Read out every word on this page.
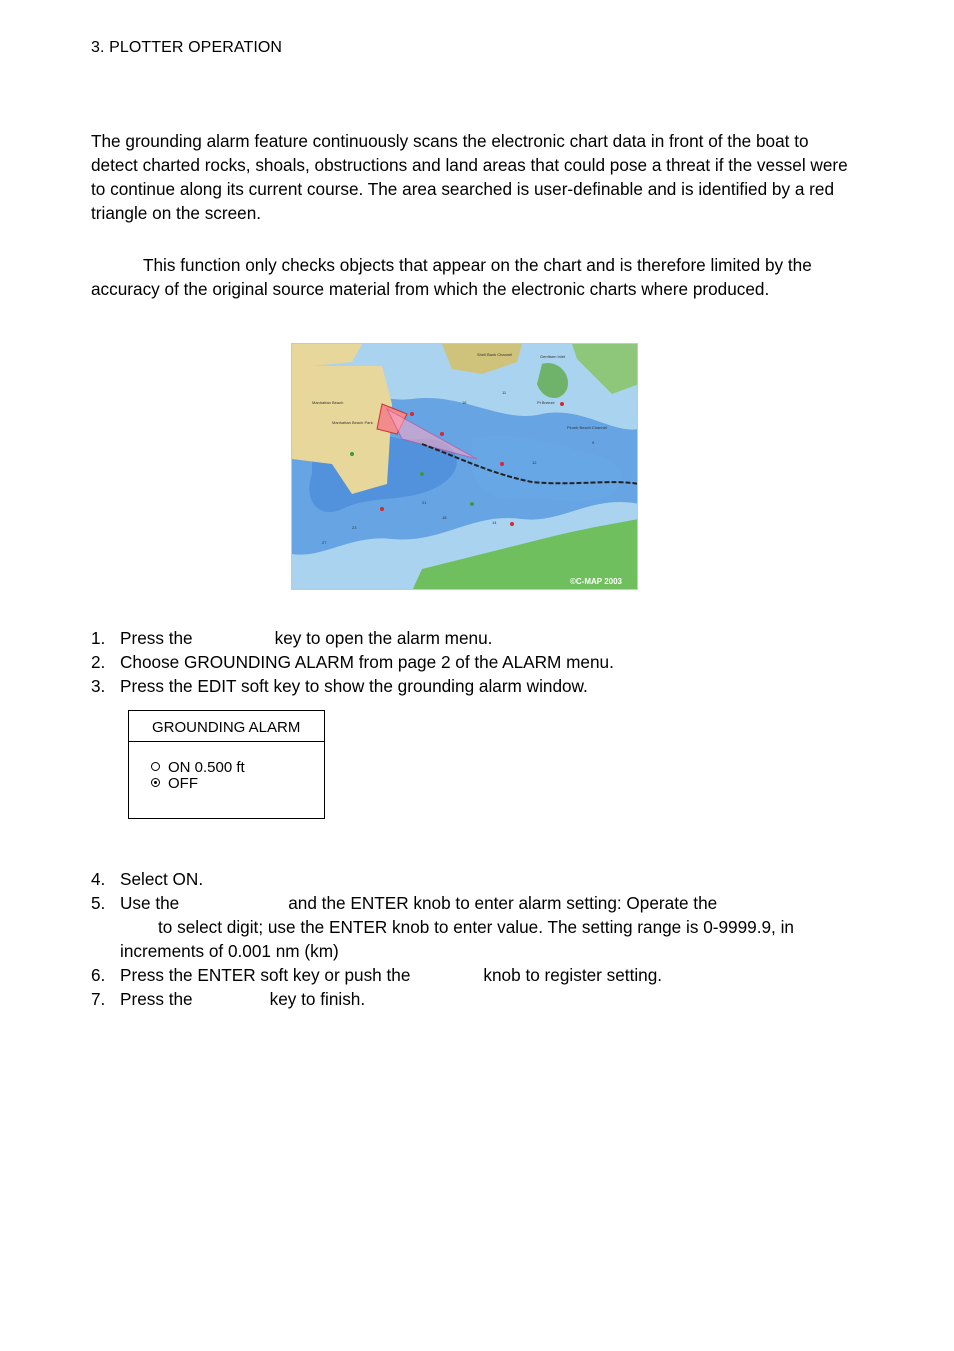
3. PLOTTER OPERATION
The grounding alarm feature continuously scans the electronic chart data in front of the boat to detect charted rocks, shoals, obstructions and land areas that could pose a threat if the vessel were to continue along its current course. The area searched is user-definable and is identified by a red triangle on the screen.
This function only checks objects that appear on the chart and is therefore limited by the accuracy of the original source material from which the electronic charts where produced.
Manhattan Beach
Manhattan Beach Park
Shell Bank Channel	Gerritsen Inlet
Plumb Beach Channel
Pt Breeze
21
18
14
23
12
9
16
11
27
©C-MAP 2003
1. Press the	key to open the alarm menu.
2. Choose GROUNDING ALARM from page 2 of the ALARM menu.
3. Press the EDIT soft key to show the grounding alarm window.
GROUNDING ALARM
ON 0.500 ft
OFF
4. Select ON.
5. Use the	and the ENTER knob to enter alarm setting: Operate the
to select digit; use the ENTER knob to enter value. The setting range is 0-9999.9, in
increments of 0.001 nm (km)
6. Press the ENTER soft key or push the	knob to register setting.
7. Press the	key to finish.
